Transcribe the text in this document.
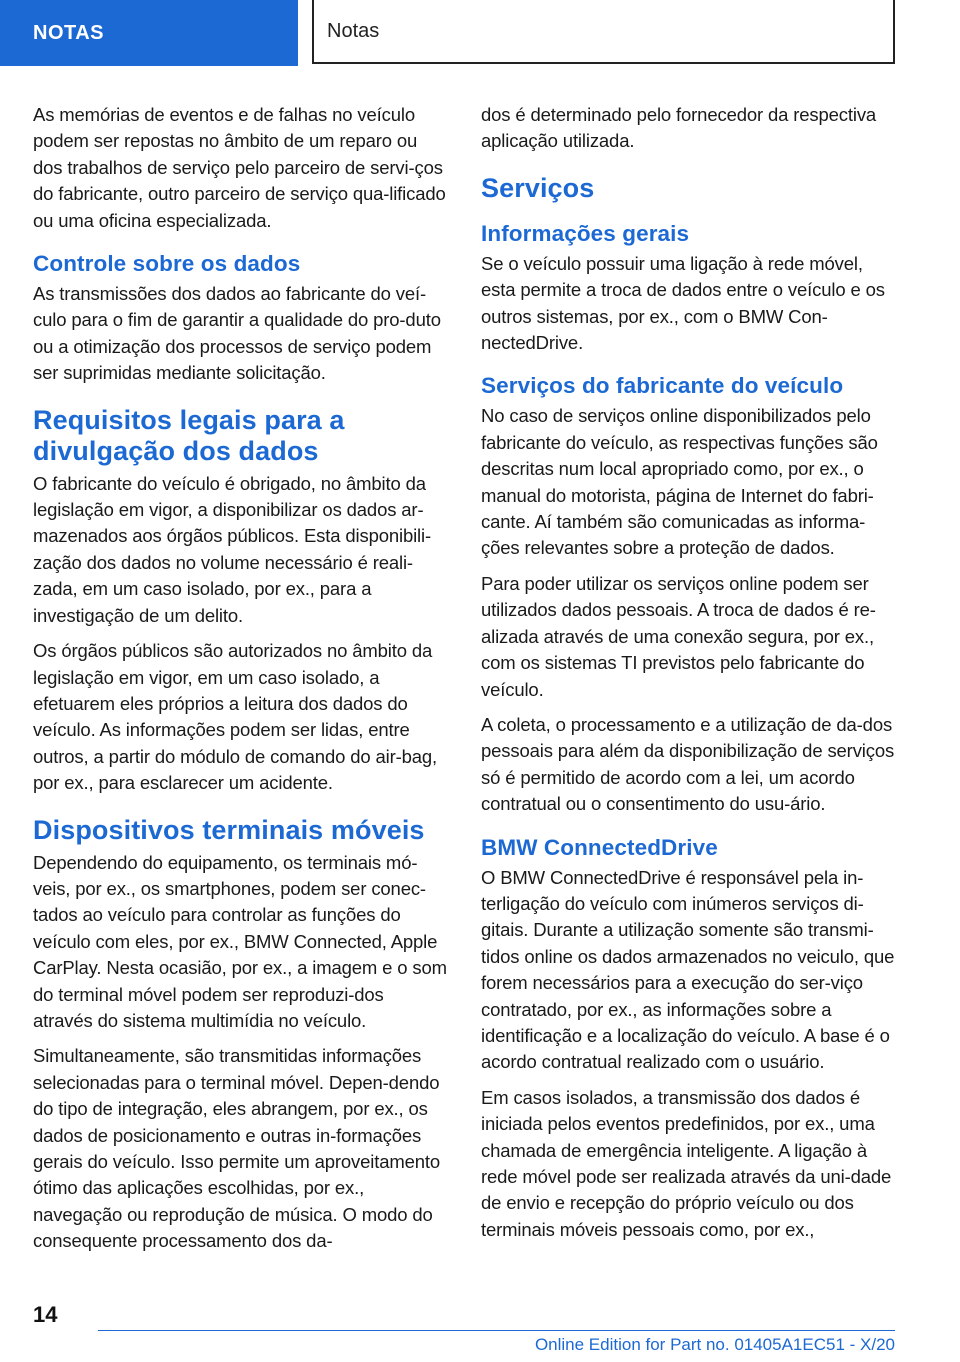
NOTAS	Notas

As memórias de eventos e de falhas no veículo podem ser repostas no âmbito de um reparo ou dos trabalhos de serviço pelo parceiro de servi-ços do fabricante, outro parceiro de serviço qua-lificado ou uma oficina especializada.

Controle sobre os dados

As transmissões dos dados ao fabricante do veí-culo para o fim de garantir a qualidade do pro-duto ou a otimização dos processos de serviço podem ser suprimidas mediante solicitação.

Requisitos legais para a divulgação dos dados

O fabricante do veículo é obrigado, no âmbito da legislação em vigor, a disponibilizar os dados ar-mazenados aos órgãos públicos. Esta disponibili-zação dos dados no volume necessário é reali-zada, em um caso isolado, por ex., para a investigação de um delito.

Os órgãos públicos são autorizados no âmbito da legislação em vigor, em um caso isolado, a efetuarem eles próprios a leitura dos dados do veículo. As informações podem ser lidas, entre outros, a partir do módulo de comando do air-bag, por ex., para esclarecer um acidente.

Dispositivos terminais móveis

Dependendo do equipamento, os terminais mó-veis, por ex., os smartphones, podem ser conec-tados ao veículo para controlar as funções do veículo com eles, por ex., BMW Connected, Apple CarPlay. Nesta ocasião, por ex., a imagem e o som do terminal móvel podem ser reproduzi-dos através do sistema multimídia no veículo.

Simultaneamente, são transmitidas informações selecionadas para o terminal móvel. Depen-dendo do tipo de integração, eles abrangem, por ex., os dados de posicionamento e outras in-formações gerais do veículo. Isso permite um aproveitamento ótimo das aplicações escolhidas, por ex., navegação ou reprodução de música. O modo do consequente processamento dos da-

dos é determinado pelo fornecedor da respectiva aplicação utilizada.

Serviços
Informações gerais

Se o veículo possuir uma ligação à rede móvel, esta permite a troca de dados entre o veículo e os outros sistemas, por ex., com o BMW Con-nectedDrive.

Serviços do fabricante do veículo

No caso de serviços online disponibilizados pelo fabricante do veículo, as respectivas funções são descritas num local apropriado como, por ex., o manual do motorista, página de Internet do fabri-cante. Aí também são comunicadas as informa-ções relevantes sobre a proteção de dados.

Para poder utilizar os serviços online podem ser utilizados dados pessoais. A troca de dados é re-alizada através de uma conexão segura, por ex., com os sistemas TI previstos pelo fabricante do veículo.

A coleta, o processamento e a utilização de da-dos pessoais para além da disponibilização de serviços só é permitido de acordo com a lei, um acordo contratual ou o consentimento do usu-ário.

BMW ConnectedDrive

O BMW ConnectedDrive é responsável pela in-terligação do veículo com inúmeros serviços di-gitais. Durante a utilização somente são transmi-tidos online os dados armazenados no veiculo, que forem necessários para a execução do ser-viço contratado, por ex., as informações sobre a identificação e a localização do veículo. A base é o acordo contratual realizado com o usuário.

Em casos isolados, a transmissão dos dados é iniciada pelos eventos predefinidos, por ex., uma chamada de emergência inteligente. A ligação à rede móvel pode ser realizada através da uni-dade de envio e recepção do próprio veículo ou dos terminais móveis pessoais como, por ex.,

14
Online Edition for Part no. 01405A1EC51 - X/20
